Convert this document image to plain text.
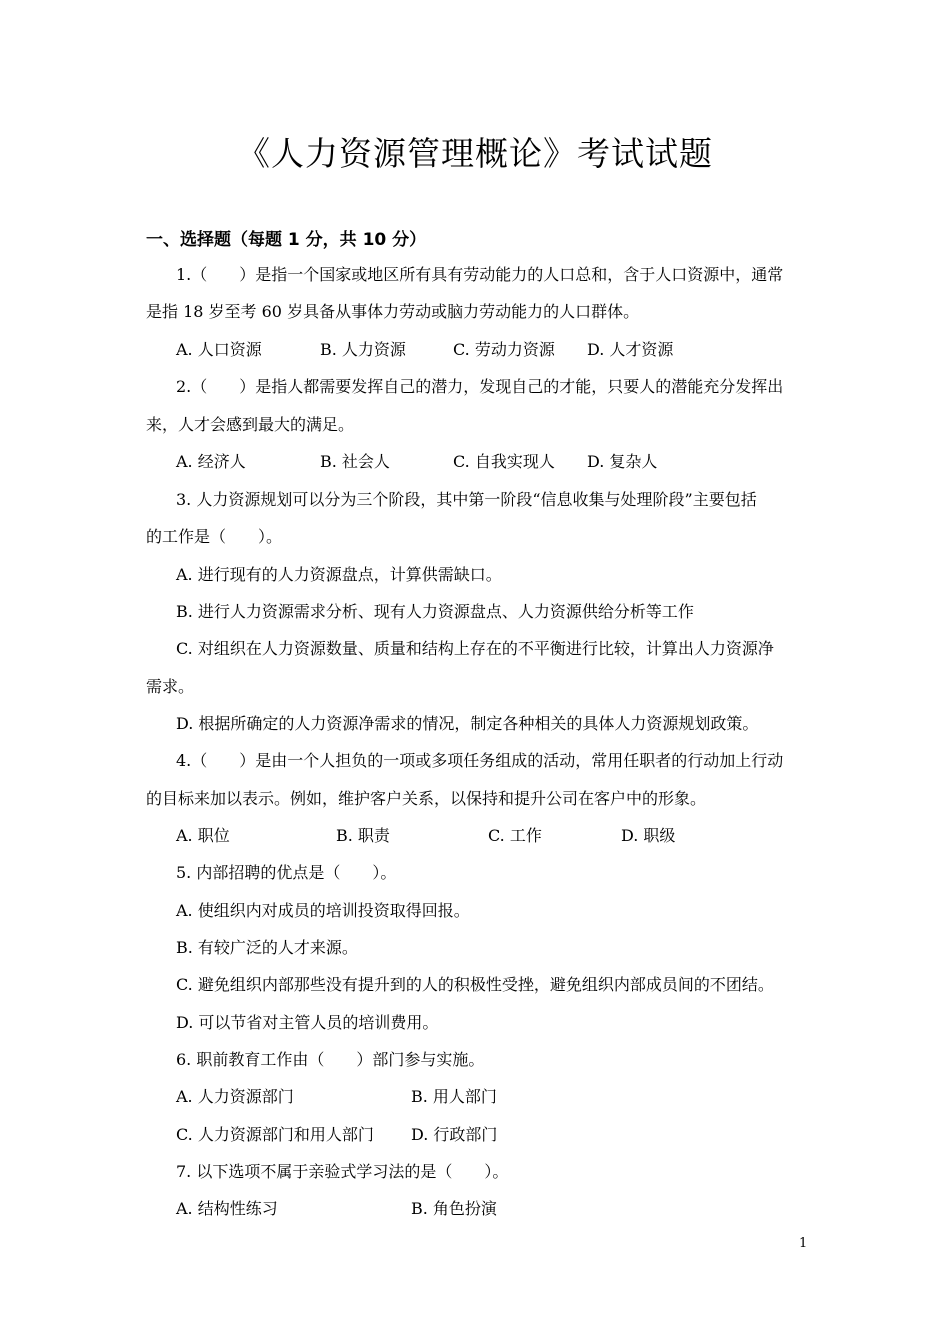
《人力资源管理概论》考试试题
一、选择题（每题 1 分，共 10 分）
1.（　　）是指一个国家或地区所有具有劳动能力的人口总和，含于人口资源中，通常
是指 18 岁至考 60 岁具备从事体力劳动或脑力劳动能力的人口群体。
A. 人口资源	B. 人力资源	C. 劳动力资源 D. 人才资源
2.（　　）是指人都需要发挥自己的潜力，发现自己的才能，只要人的潜能充分发挥出
来，人才会感到最大的满足。
A. 经济人	B. 社会人	C. 自我实现人 D. 复杂人
3. 人力资源规划可以分为三个阶段，其中第一阶段“信息收集与处理阶段”主要包括
的工作是（　　）。
A. 进行现有的人力资源盘点，计算供需缺口。
B. 进行人力资源需求分析、现有人力资源盘点、人力资源供给分析等工作
C. 对组织在人力资源数量、质量和结构上存在的不平衡进行比较，计算出人力资源净
需求。
D. 根据所确定的人力资源净需求的情况，制定各种相关的具体人力资源规划政策。
4.（　　）是由一个人担负的一项或多项任务组成的活动，常用任职者的行动加上行动
的目标来加以表示。例如，维护客户关系，以保持和提升公司在客户中的形象。
A. 职位	B. 职责	C. 工作	D. 职级
5. 内部招聘的优点是（　　）。
A. 使组织内对成员的培训投资取得回报。
B. 有较广泛的人才来源。
C. 避免组织内部那些没有提升到的人的积极性受挫，避免组织内部成员间的不团结。
D. 可以节省对主管人员的培训费用。
6. 职前教育工作由（　　）部门参与实施。
A. 人力资源部门	B. 用人部门
C. 人力资源部门和用人部门 D. 行政部门
7. 以下选项不属于亲验式学习法的是（　　）。
A. 结构性练习	B. 角色扮演
1
